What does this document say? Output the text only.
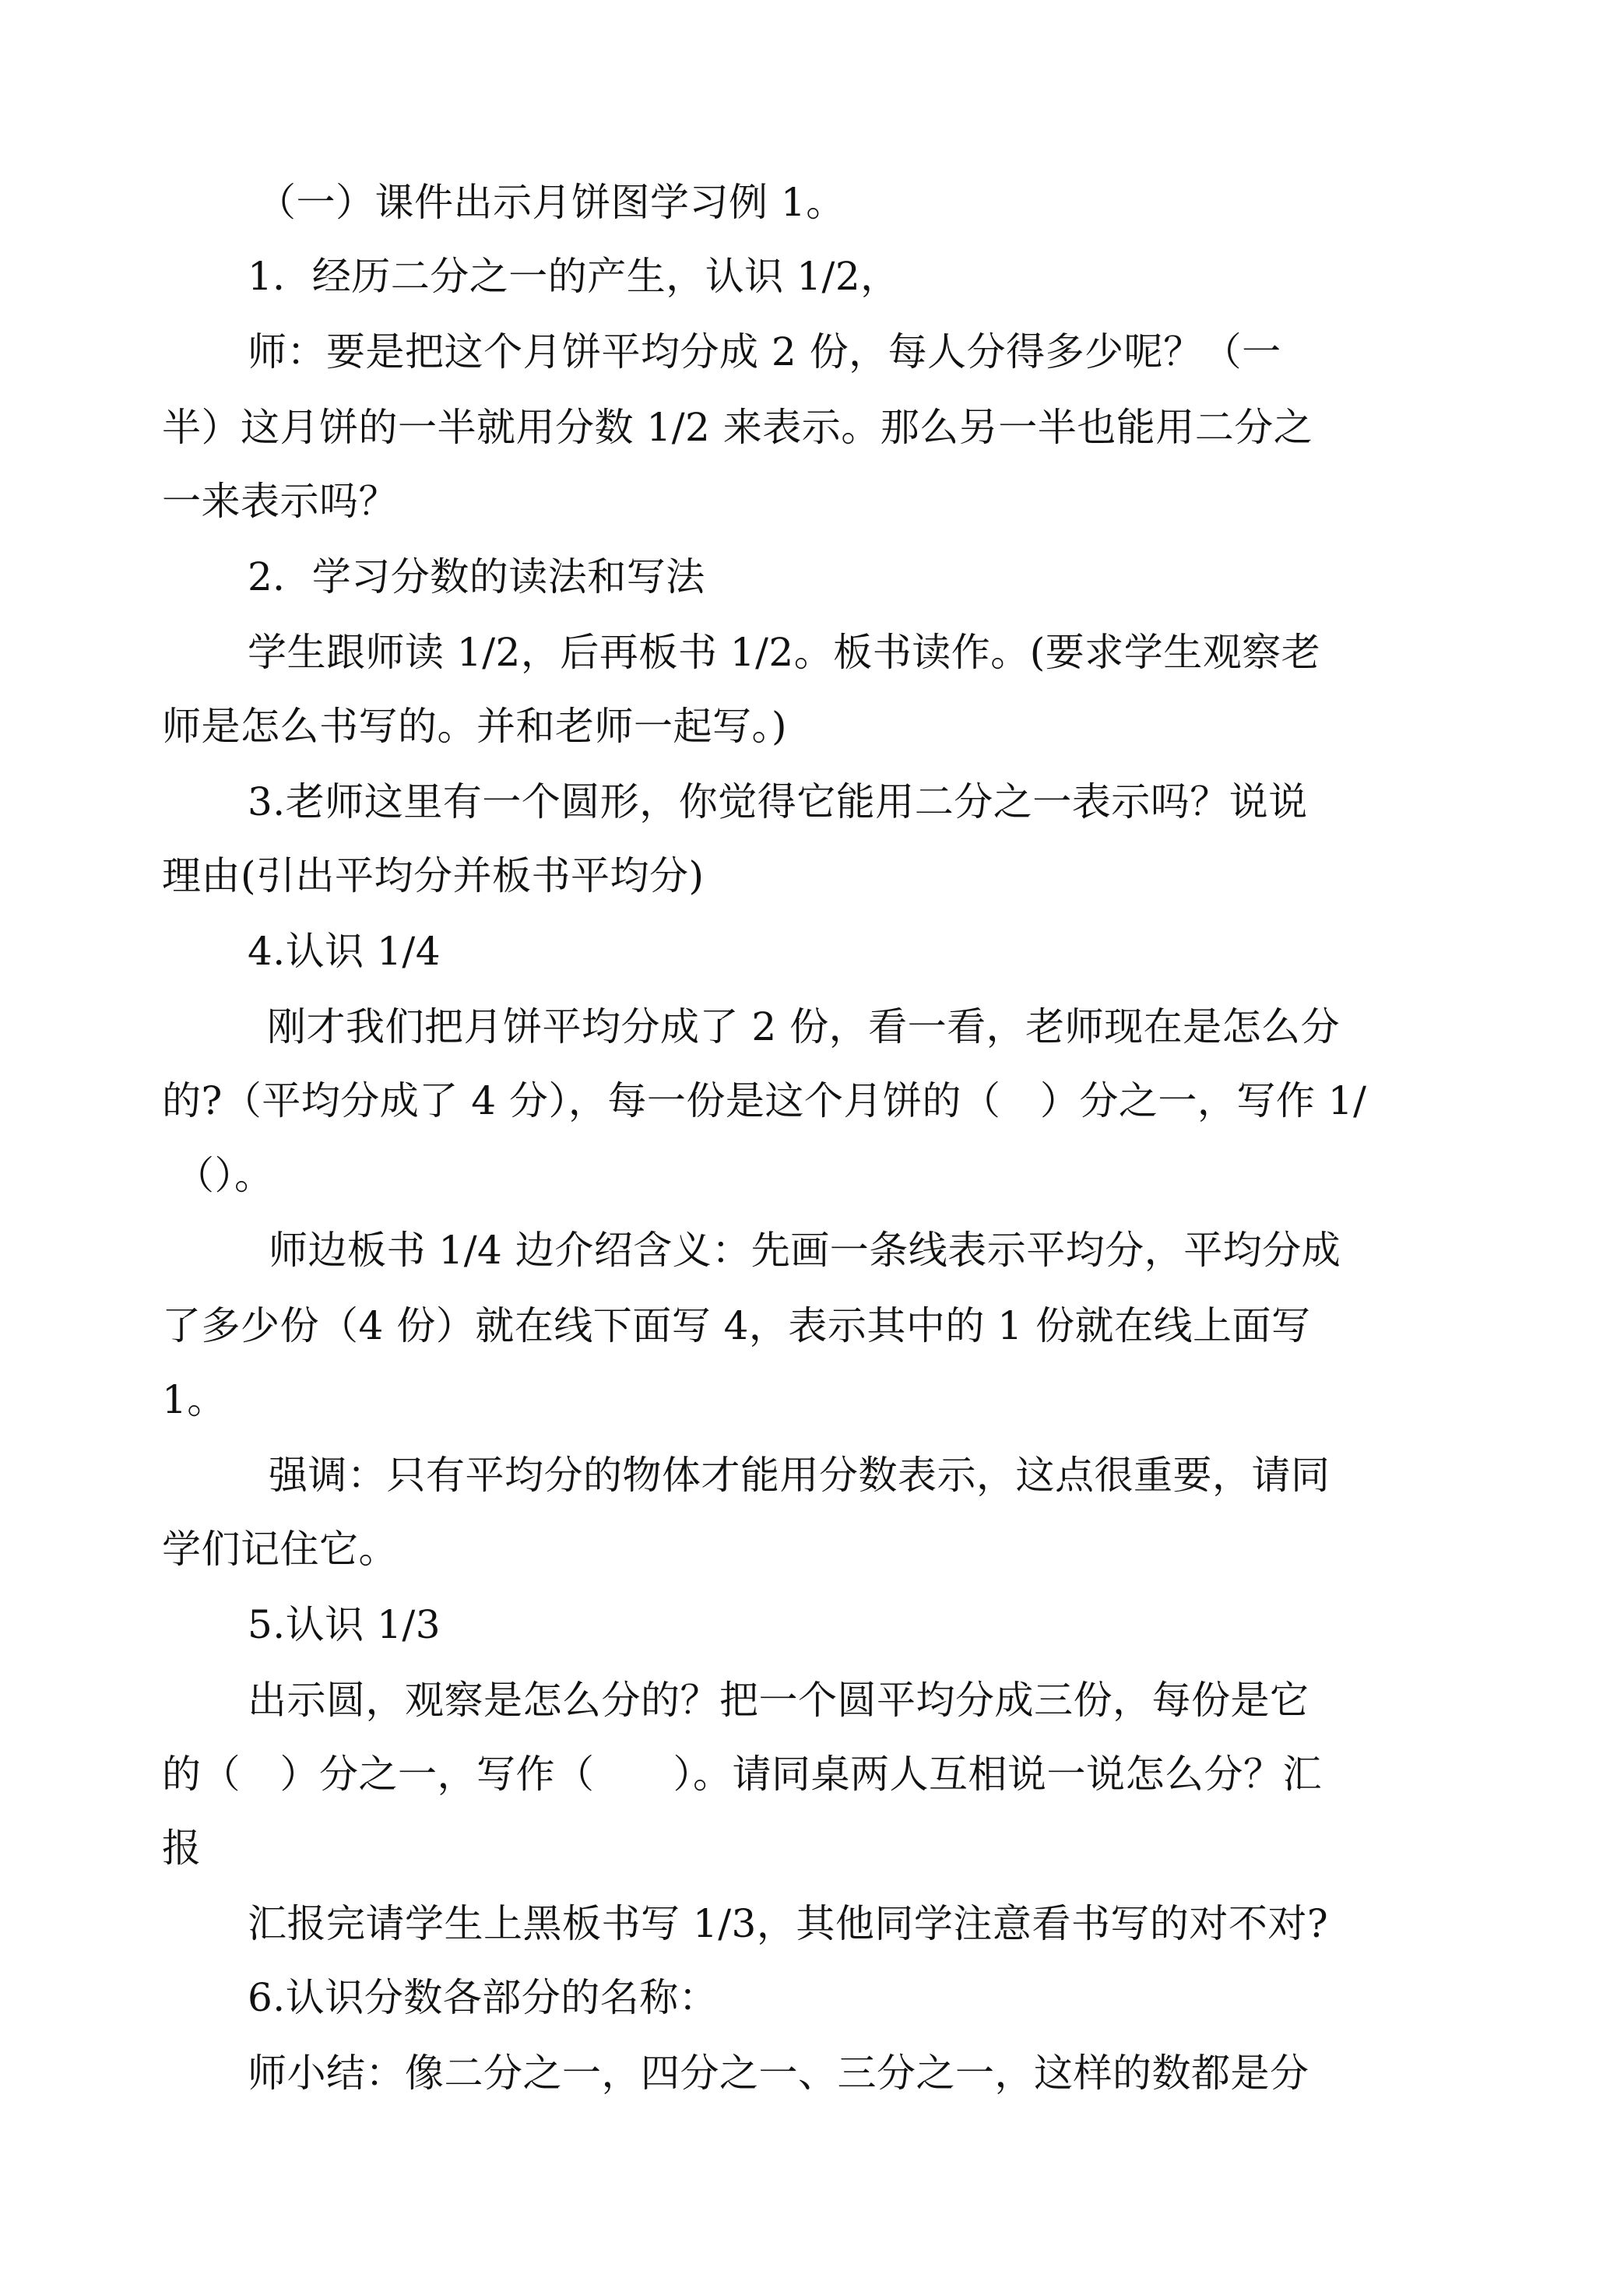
（一）课件出示月饼图学习例 1。
1．经历二分之一的产生，认识 1/2，
师：要是把这个月饼平均分成 2 份，每人分得多少呢？（一
半）这月饼的一半就用分数 1/2 来表示。那么另一半也能用二分之
一来表示吗？
2．学习分数的读法和写法
学生跟师读 1/2，后再板书 1/2。板书读作。(要求学生观察老
师是怎么书写的。并和老师一起写。)
3.老师这里有一个圆形，你觉得它能用二分之一表示吗？说说
理由(引出平均分并板书平均分)
4.认识 1/4
刚才我们把月饼平均分成了 2 份，看一看，老师现在是怎么分
的?（平均分成了 4 分），每一份是这个月饼的（　）分之一，写作 1/
（）。
师边板书 1/4 边介绍含义：先画一条线表示平均分，平均分成
了多少份（4 份）就在线下面写 4，表示其中的 1 份就在线上面写
1。
强调：只有平均分的物体才能用分数表示，这点很重要，请同
学们记住它。
5.认识 1/3
出示圆，观察是怎么分的？把一个圆平均分成三份，每份是它
的（　）分之一，写作（　　）。请同桌两人互相说一说怎么分？汇
报
汇报完请学生上黑板书写 1/3，其他同学注意看书写的对不对?
6.认识分数各部分的名称：
师小结：像二分之一，四分之一、三分之一，这样的数都是分
